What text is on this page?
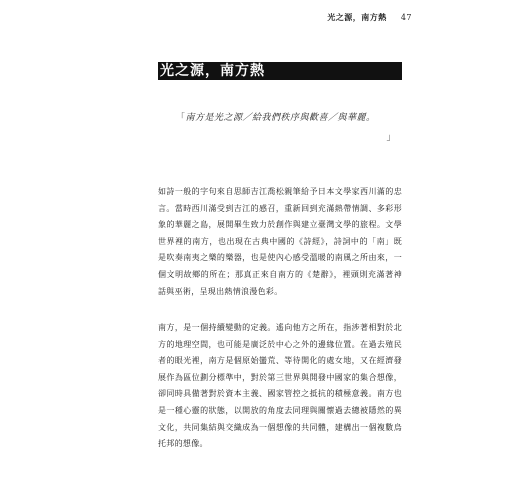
光之源，南方熱 47
光之源，南方熱
「南方是光之源／給我們秩序與歡喜／與華麗。
」

如詩一般的字句來自思師吉江喬松親筆給予日本文學家西川滿的忠言。當時西川滿受到吉江的感召，重新回到充滿熱帶情調、多彩形象的華麗之島，展開畢生致力於創作與建立臺灣文學的旅程。文學世界裡的南方，也出現在古典中國的《詩經》，詩詞中的「南」既是吹奏南夷之樂的樂器，也是使內心感受溫暖的南風之所由來，一個文明故鄉的所在；那真正來自南方的《楚辭》，裡頭則充滿著神話與巫術，呈現出熱情浪漫色彩。

南方，是一個持續變動的定義。遙向他方之所在，指涉著相對於北方的地理空間，也可能是廣泛於中心之外的邊緣位置。在過去殖民者的眼光裡，南方是個原始蠻荒、等待開化的處女地，又在經濟發展作為區位劃分標準中，對於第三世界與開發中國家的集合想像，卻同時具備著對於資本主義、國家管控之抵抗的積極意義。南方也是一種心靈的狀態，以開放的角度去同理與關懷過去總被隱然的異文化，共同集結與交織成為一個想像的共同體，建構出一個複數烏托邦的想像。
